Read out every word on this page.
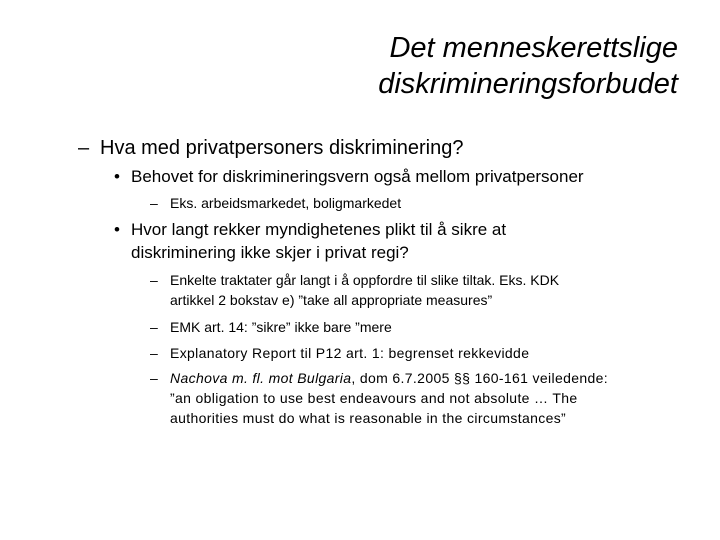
Det menneskerettslige
diskrimineringsforbudet
– Hva med privatpersoners diskriminering?
• Behovet for diskrimineringsvern også mellom privatpersoner
– Eks. arbeidsmarkedet, boligmarkedet
• Hvor langt rekker myndighetenes plikt til å sikre at
diskriminering ikke skjer i privat regi?
– Enkelte traktater går langt i å oppfordre til slike tiltak. Eks. KDK
artikkel 2 bokstav e) ”take all appropriate measures”
– EMK art. 14: ”sikre” ikke bare ”mere
– Explanatory Report til P12 art. 1: begrenset rekkevidde
– Nachova m. fl. mot Bulgaria, dom 6.7.2005 §§ 160-161 veiledende:
”an obligation to use best endeavours and not absolute … The
authorities must do what is reasonable in the circumstances”
